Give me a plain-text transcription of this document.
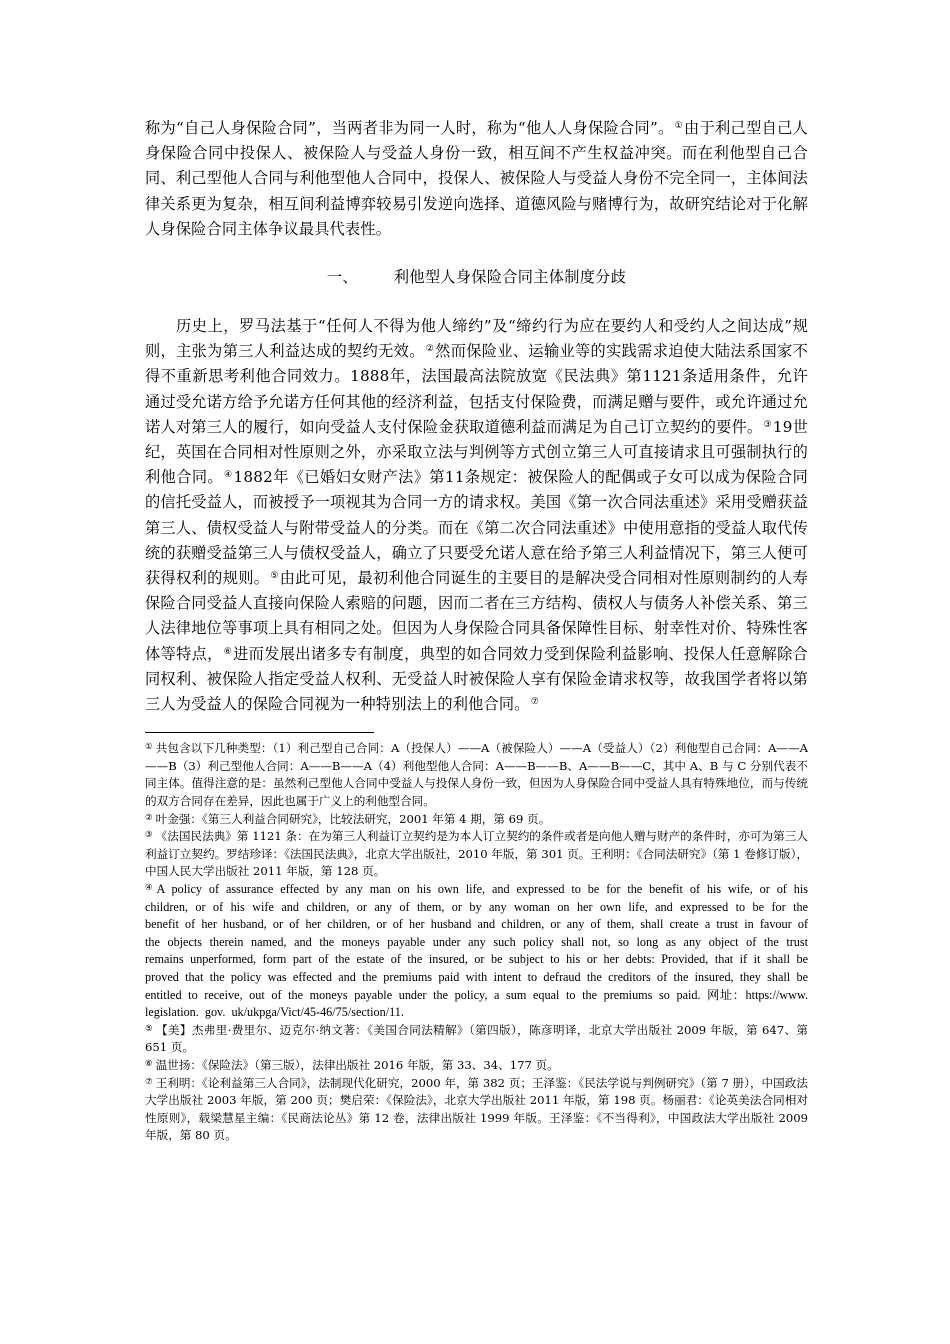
称为“自己人身保险合同”，当两者非为同一人时，称为“他人人身保险合同”。①由于利己型自己人身保险合同中投保人、被保险人与受益人身份一致，相互间不产生权益冲突。而在利他型自己合同、利己型他人合同与利他型他人合同中，投保人、被保险人与受益人身份不完全同一，主体间法律关系更为复杂，相互间利益博弈较易引发逆向选择、道德风险与赌博行为，故研究结论对于化解人身保险合同主体争议最具代表性。

一、 利他型人身保险合同主体制度分歧

历史上，罗马法基于“任何人不得为他人缔约”及“缔约行为应在要约人和受约人之间达成”规则，主张为第三人利益达成的契约无效。②然而保险业、运输业等的实践需求迫使大陆法系国家不得不重新思考利他合同效力。1888年，法国最高法院放宽《民法典》第1121条适用条件，允许通过受允诺方给予允诺方任何其他的经济利益，包括支付保险费，而满足赠与要件，或允许通过允诺人对第三人的履行，如向受益人支付保险金获取道德利益而满足为自己订立契约的要件。③19世纪，英国在合同相对性原则之外，亦采取立法与判例等方式创立第三人可直接请求且可强制执行的利他合同。④1882年《已婚妇女财产法》第11条规定：被保险人的配偶或子女可以成为保险合同的信托受益人，而被授予一项视其为合同一方的请求权。美国《第一次合同法重述》采用受赠获益第三人、债权受益人与附带受益人的分类。而在《第二次合同法重述》中使用意指的受益人取代传统的获赠受益第三人与债权受益人，确立了只要受允诺人意在给予第三人利益情况下，第三人便可获得权利的规则。⑤由此可见，最初利他合同诞生的主要目的是解决受合同相对性原则制约的人寿保险合同受益人直接向保险人索赔的问题，因而二者在三方结构、债权人与债务人补偿关系、第三人法律地位等事项上具有相同之处。但因为人身保险合同具备保障性目标、射幸性对价、特殊性客体等特点，⑥进而发展出诸多专有制度，典型的如合同效力受到保险利益影响、投保人任意解除合同权利、被保险人指定受益人权利、无受益人时被保险人享有保险金请求权等，故我国学者将以第三人为受益人的保险合同视为一种特别法上的利他合同。⑦

① 共包含以下几种类型：（1）利己型自己合同：A（投保人）——A（被保险人）——A（受益人）（2）利他型自己合同：A——A——B（3）利己型他人合同：A——B——A（4）利他型他人合同：A——B——B、A——B——C，其中 A、B 与 C 分别代表不同主体。值得注意的是：虽然利己型他人合同中受益人与投保人身份一致，但因为人身保险合同中受益人具有特殊地位，而与传统的双方合同存在差异，因此也属于广义上的利他型合同。

② 叶金强：《第三人利益合同研究》，比较法研究，2001 年第 4 期，第 69 页。

③ 《法国民法典》第 1121 条：在为第三人利益订立契约是为本人订立契约的条件或者是向他人赠与财产的条件时，亦可为第三人利益订立契约。罗结珍译：《法国民法典》，北京大学出版社，2010 年版，第 301 页。王利明：《合同法研究》（第 1 卷修订版），中国人民大学出版社 2011 年版，第 128 页。

④ A policy of assurance effected by any man on his own life, and expressed to be for the benefit of his wife, or of his children, or of his wife and children, or any of them, or by any woman on her own life, and expressed to be for the benefit of her husband, or of her children, or of her husband and children, or any of them, shall create a trust in favour of the objects therein named, and the moneys payable under any such policy shall not, so long as any object of the trust remains unperformed, form part of the estate of the insured, or be subject to his or her debts: Provided, that if it shall be proved that the policy was effected and the premiums paid with intent to defraud the creditors of the insured, they shall be entitled to receive, out of the moneys payable under the policy, a sum equal to the premiums so paid. 网址：https://www. legislation. gov. uk/ukpga/Vict/45-46/75/section/11.

⑤ 【美】杰弗里·费里尔、迈克尔·纳文著：《美国合同法精解》（第四版），陈彦明译，北京大学出版社 2009 年版，第 647、第 651 页。

⑥ 温世扬：《保险法》（第三版），法律出版社 2016 年版，第 33、34、177 页。

⑦ 王利明：《论利益第三人合同》，法制现代化研究，2000 年，第 382 页；王泽鉴：《民法学说与判例研究》（第 7 册），中国政法大学出版社 2003 年版，第 200 页；樊启荣：《保险法》，北京大学出版社 2011 年版，第 198 页。杨丽君：《论英美法合同相对性原则》，载梁慧星主编：《民商法论丛》第 12 卷，法律出版社 1999 年版。王泽鉴：《不当得利》，中国政法大学出版社 2009 年版，第 80 页。
